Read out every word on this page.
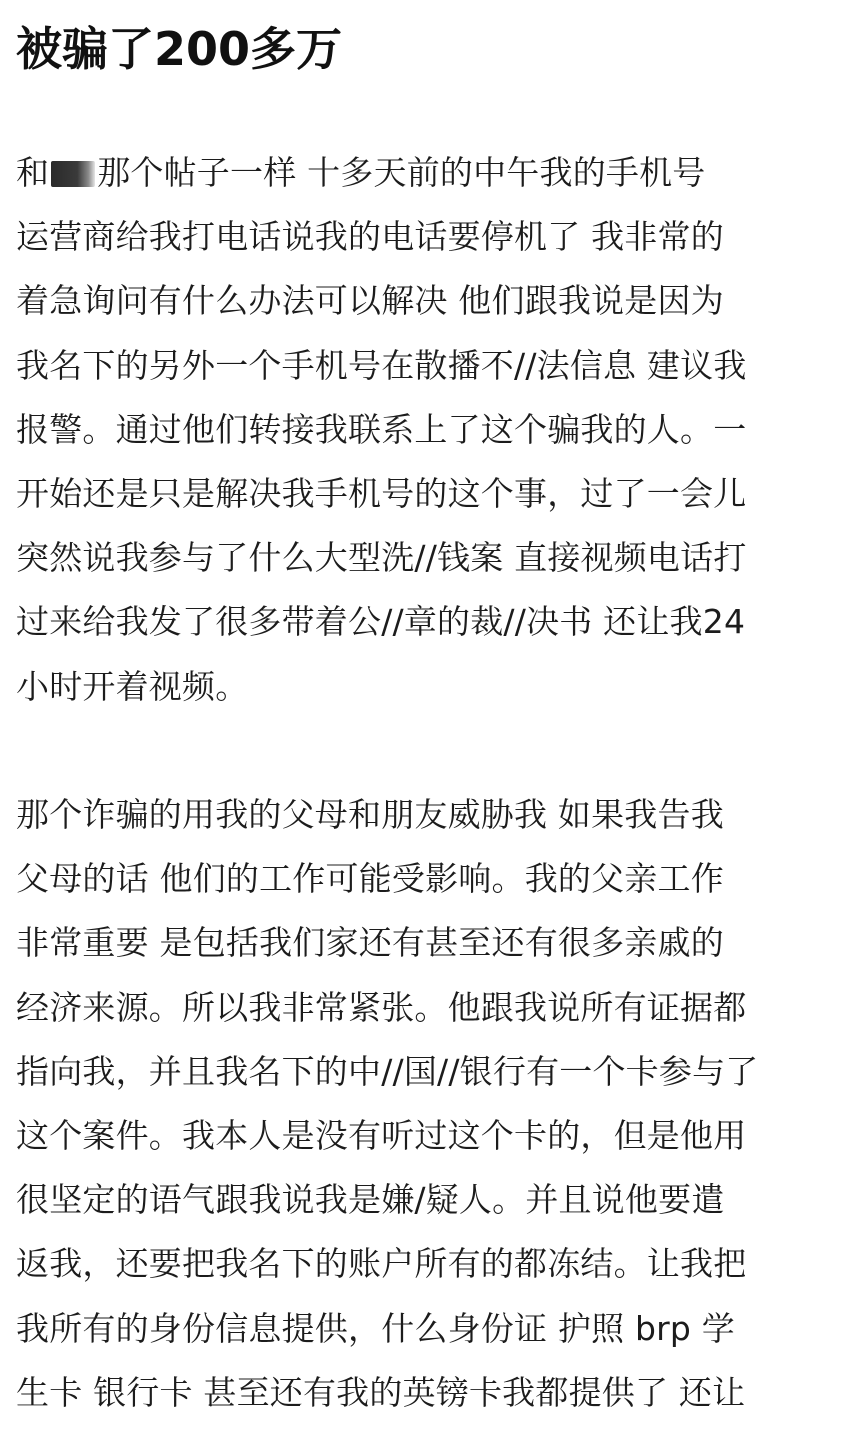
被骗了200多万
和 那个帖子一样 十多天前的中午我的手机号
运营商给我打电话说我的电话要停机了 我非常的
着急询问有什么办法可以解决 他们跟我说是因为
我名下的另外一个手机号在散播不//法信息 建议我
报警。通过他们转接我联系上了这个骗我的人。一
开始还是只是解决我手机号的这个事，过了一会儿
突然说我参与了什么大型洗//钱案 直接视频电话打
过来给我发了很多带着公//章的裁//决书 还让我24
小时开着视频。
那个诈骗的用我的父母和朋友威胁我 如果我告我
父母的话 他们的工作可能受影响。我的父亲工作
非常重要 是包括我们家还有甚至还有很多亲戚的
经济来源。所以我非常紧张。他跟我说所有证据都
指向我，并且我名下的中//国//银行有一个卡参与了
这个案件。我本人是没有听过这个卡的，但是他用
很坚定的语气跟我说我是嫌/疑人。并且说他要遣
返我，还要把我名下的账户所有的都冻结。让我把
我所有的身份信息提供，什么身份证 护照 brp 学
生卡 银行卡 甚至还有我的英镑卡我都提供了 还让
